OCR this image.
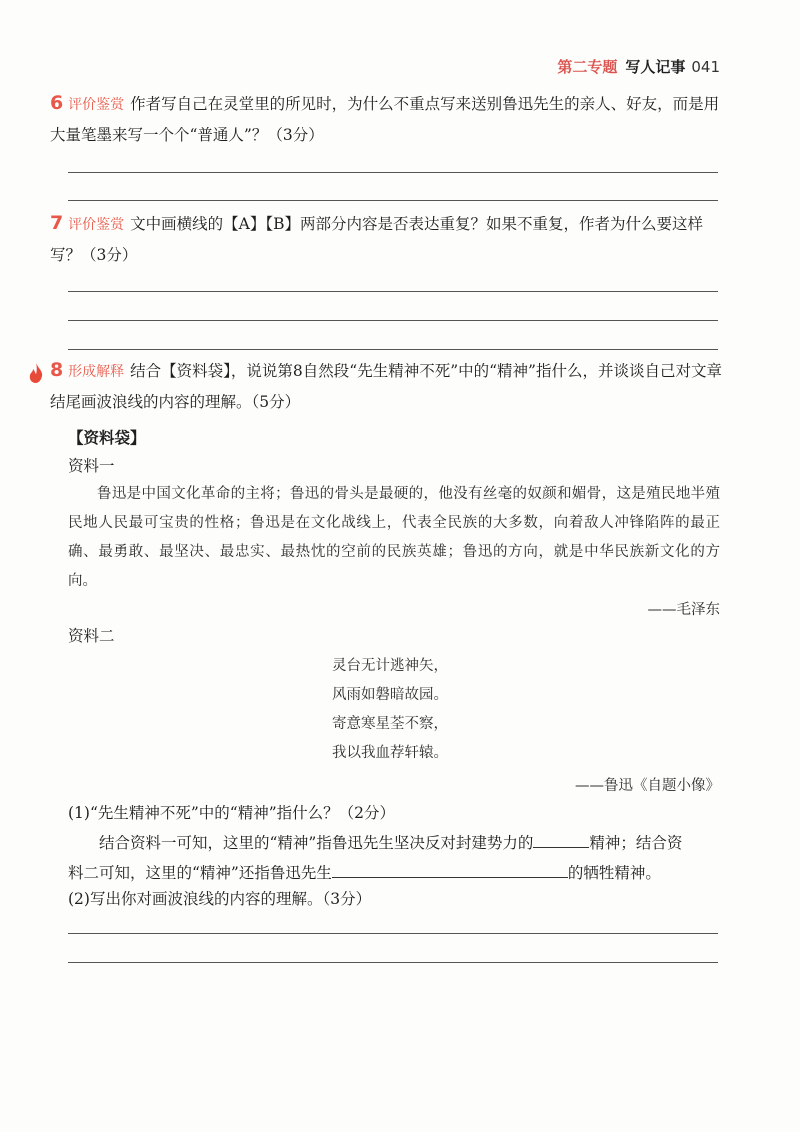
第二专题 写人记事 041
6 评价鉴赏 作者写自己在灵堂里的所见时，为什么不重点写来送别鲁迅先生的亲人、好友，而是用大量笔墨来写一个个“普通人”？（3分）
7 评价鉴赏 文中画横线的【A】【B】两部分内容是否表达重复？如果不重复，作者为什么要这样写？（3分）
8 形成解释 结合【资料袋】，说说第8自然段“先生精神不死”中的“精神”指什么，并谈谈自己对文章结尾画波浪线的内容的理解。（5分）
【资料袋】
资料一
鲁迅是中国文化革命的主将；鲁迅的骨头是最硬的，他没有丝毫的奴颜和媚骨，这是殖民地半殖民地人民最可宝贵的性格；鲁迅是在文化战线上，代表全民族的大多数，向着敌人冲锋陷阵的最正确、最勇敢、最坚决、最忠实、最热忱的空前的民族英雄；鲁迅的方向，就是中华民族新文化的方向。
——毛泽东
资料二
灵台无计逃神矢，
风雨如磐暗故园。
寄意寒星荃不察，
我以我血荐轩辕。
——鲁迅《自题小像》
(1)“先生精神不死”中的“精神”指什么？（2分）
结合资料一可知，这里的“精神”指鲁迅先生坚决反对封建势力的	精神；结合资
料二可知，这里的“精神”还指鲁迅先生	的牺牲精神。
(2)写出你对画波浪线的内容的理解。（3分）
